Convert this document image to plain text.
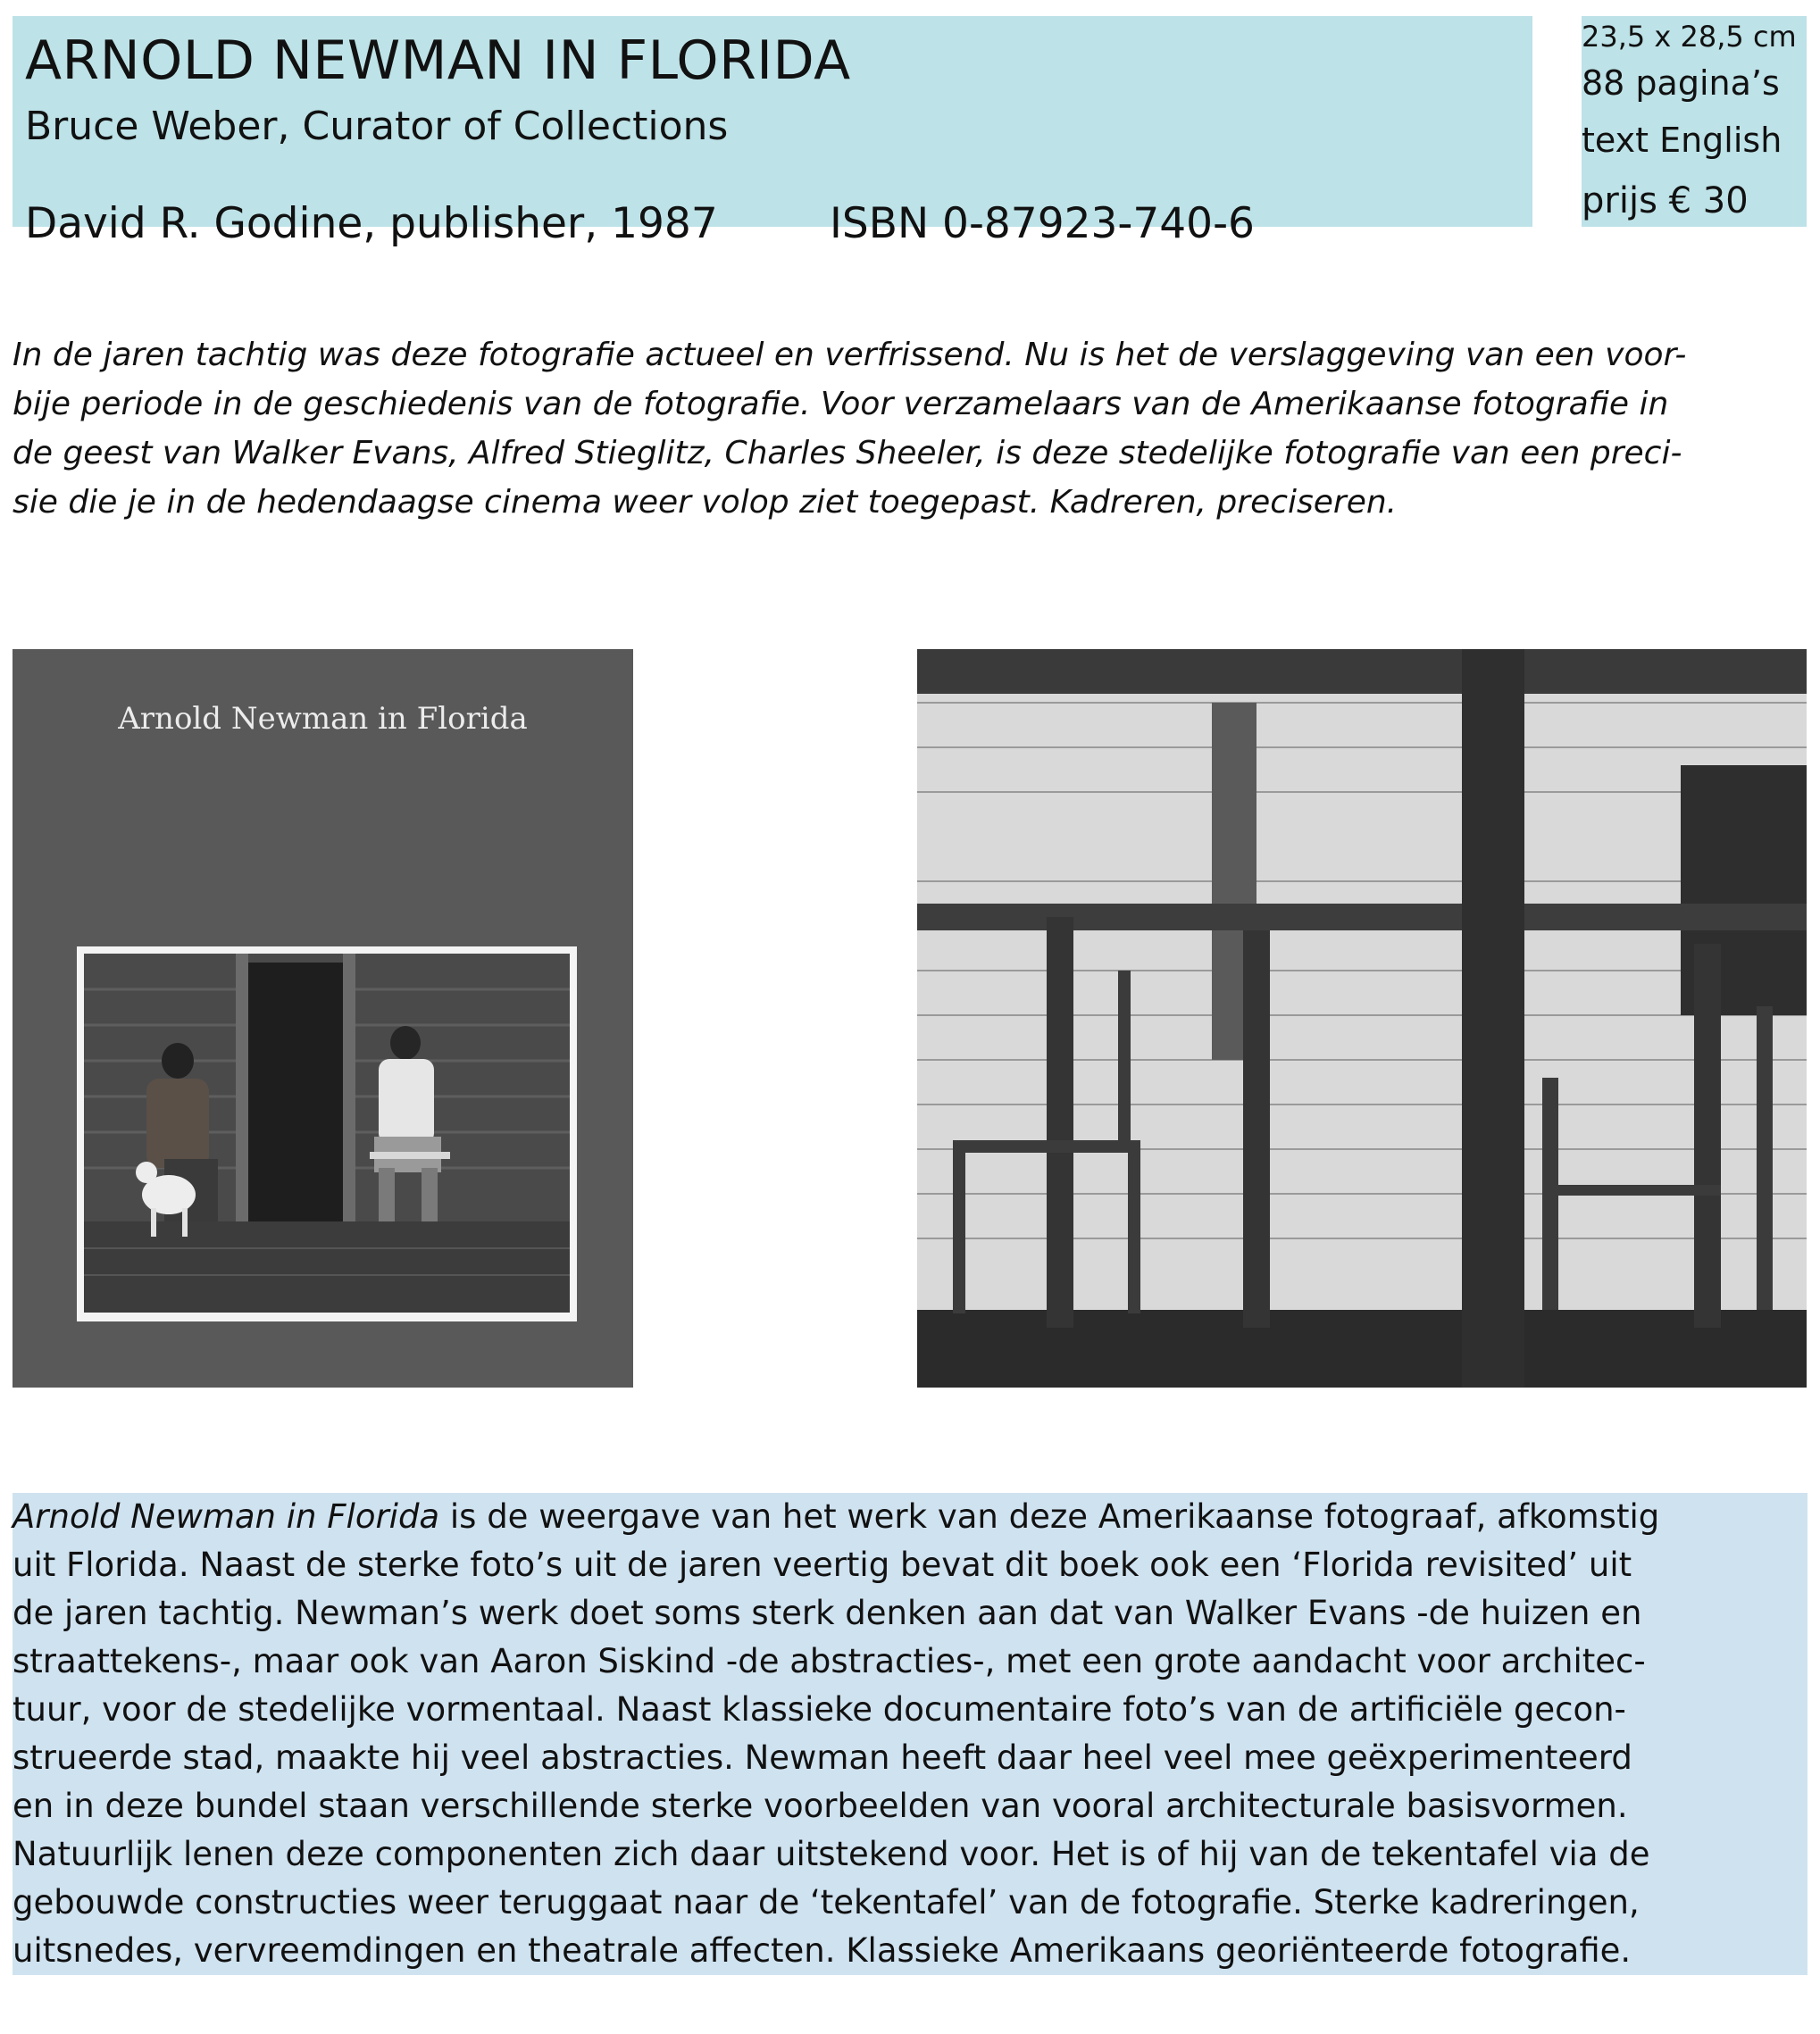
ARNOLD NEWMAN IN FLORIDA
Bruce Weber, Curator of Collections
David R. Godine, publisher, 1987	ISBN 0-87923-740-6
23,5 x 28,5 cm
88 pagina’s
text English
prijs € 30
In de jaren tachtig was deze fotografie actueel en verfrissend. Nu is het de verslaggeving van een voor-
bije periode in de geschiedenis van de fotografie. Voor verzamelaars van de Amerikaanse fotografie in
de geest van Walker Evans, Alfred Stieglitz, Charles Sheeler, is deze stedelijke fotografie van een preci-
sie die je in de hedendaagse cinema weer volop ziet toegepast. Kadreren, preciseren.
Arnold Newman in Florida
Arnold Newman in Florida is de weergave van het werk van deze Amerikaanse fotograaf, afkomstig
uit Florida. Naast de sterke foto’s uit de jaren veertig bevat dit boek ook een ‘Florida revisited’ uit
de jaren tachtig. Newman’s werk doet soms sterk denken aan dat van Walker Evans -de huizen en
straattekens-, maar ook van Aaron Siskind -de abstracties-, met een grote aandacht voor architec-
tuur, voor de stedelijke vormentaal. Naast klassieke documentaire foto’s van de artificiële gecon-
strueerde stad, maakte hij veel abstracties. Newman heeft daar heel veel mee geëxperimenteerd
en in deze bundel staan verschillende sterke voorbeelden van vooral architecturale basisvormen.
Natuurlijk lenen deze componenten zich daar uitstekend voor. Het is of hij van de tekentafel via de
gebouwde constructies weer teruggaat naar de ‘tekentafel’ van de fotografie. Sterke kadreringen,
uitsnedes, vervreemdingen en theatrale affecten. Klassieke Amerikaans georiënteerde fotografie.
